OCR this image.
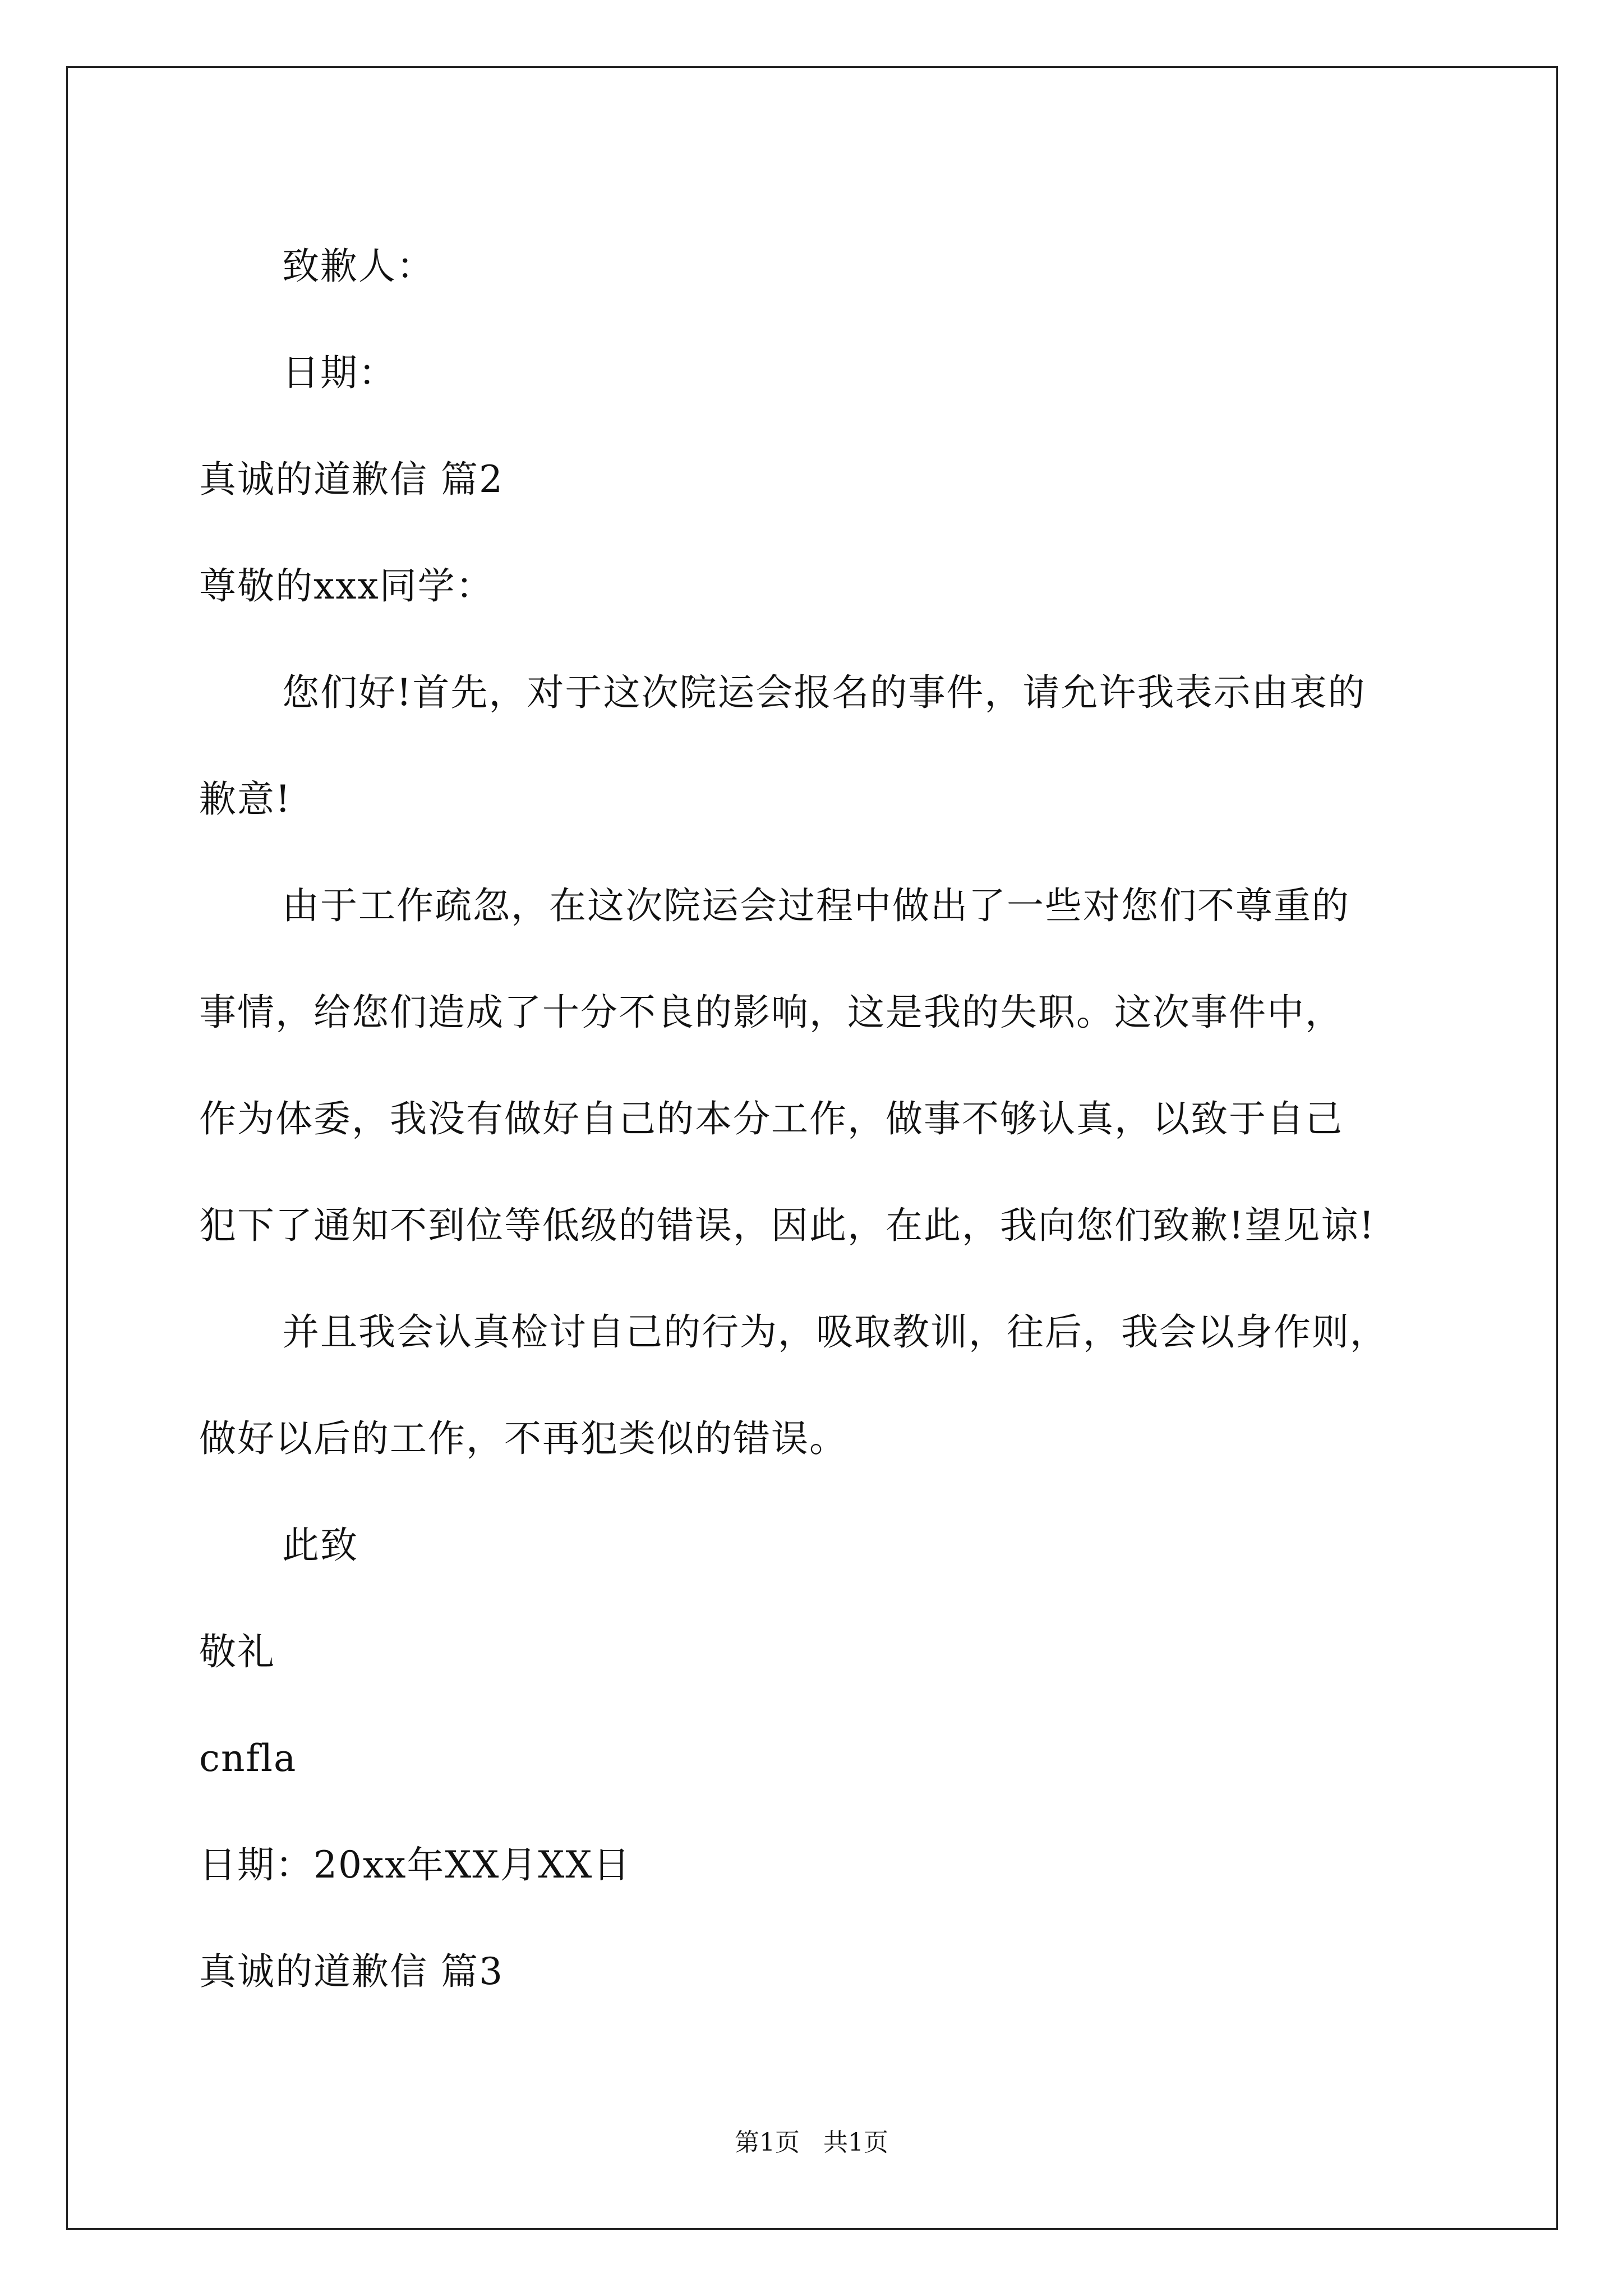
致歉人：
日期：
真诚的道歉信 篇2
尊敬的xxx同学：
您们好!首先，对于这次院运会报名的事件，请允许我表示由衷的
歉意!
由于工作疏忽，在这次院运会过程中做出了一些对您们不尊重的
事情，给您们造成了十分不良的影响，这是我的失职。这次事件中，
作为体委，我没有做好自己的本分工作，做事不够认真，以致于自己
犯下了通知不到位等低级的错误，因此，在此，我向您们致歉!望见谅!
并且我会认真检讨自己的行为，吸取教训，往后，我会以身作则，
做好以后的工作，不再犯类似的错误。
此致
敬礼
cnfla
日期：20xx年XX月XX日
真诚的道歉信 篇3
第1页   共1页
